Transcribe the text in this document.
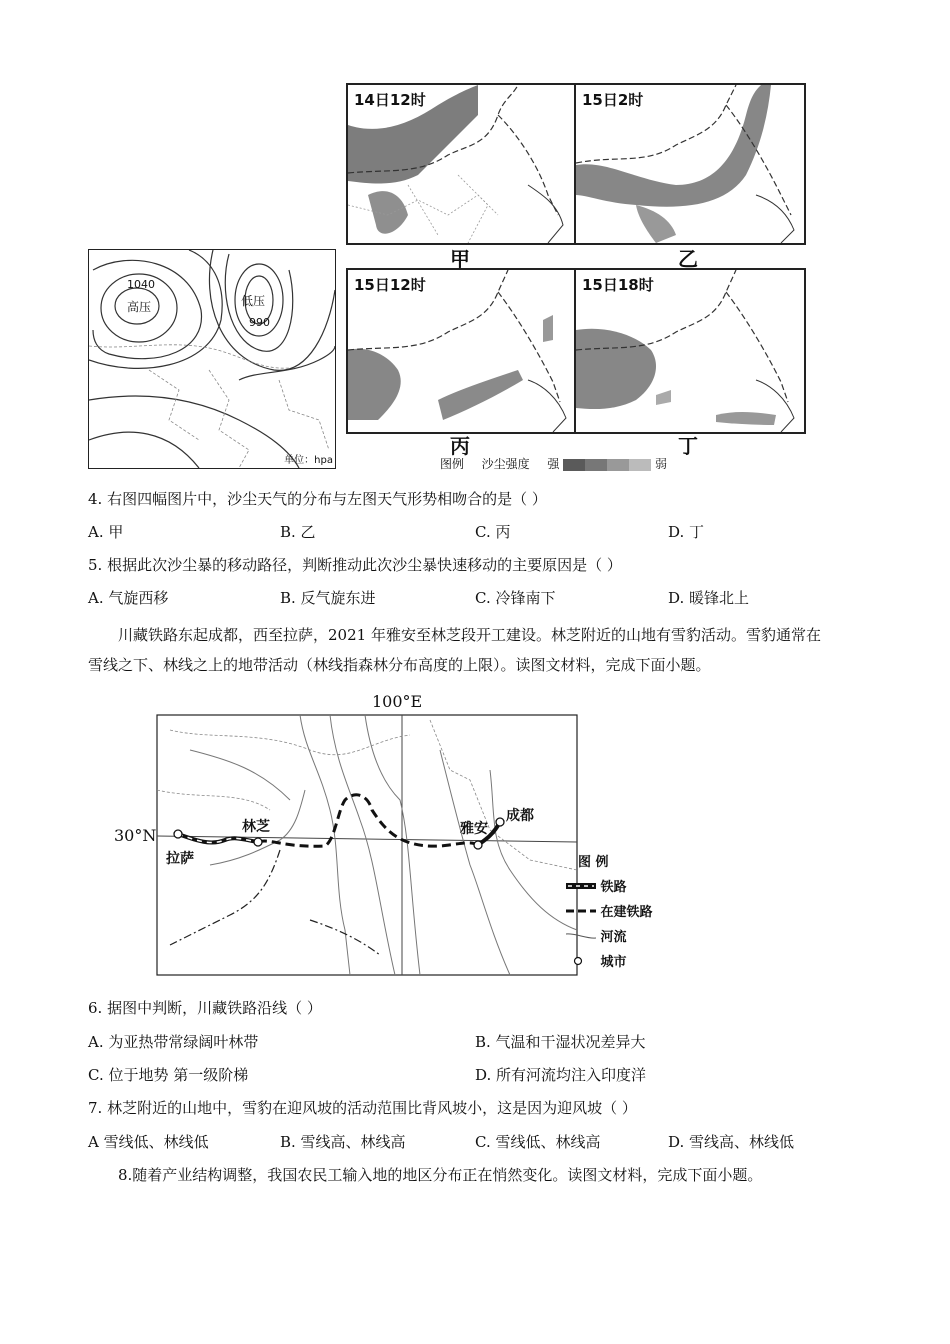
1040
高压	低压
990
单位：hpa
14日12时	15日2时
15日12时	15日18时
甲	乙
丙	丁
图例 沙尘强度 强	弱
4. 右图四幅图片中，沙尘天气的分布与左图天气形势相吻合的是（ ）
A. 甲	B. 乙	C. 丙	D. 丁
5. 根据此次沙尘暴的移动路径，判断推动此次沙尘暴快速移动的主要原因是（ ）
A. 气旋西移	B. 反气旋东进	C. 冷锋南下	D. 暖锋北上
川藏铁路东起成都，西至拉萨，2021 年雅安至林芝段开工建设。林芝附近的山地有雪豹活动。雪豹通常在雪线之下、林线之上的地带活动（林线指森林分布高度的上限）。读图文材料，完成下面小题。
100°E
30°N
拉萨
林芝	雅安
成都
图 例
铁路
在建铁路
河流
城市
6. 据图中判断，川藏铁路沿线（ ）
A. 为亚热带常绿阔叶林带	B. 气温和干湿状况差异大
C. 位于地势 第一级阶梯	D. 所有河流均注入印度洋
7. 林芝附近的山地中，雪豹在迎风坡的活动范围比背风坡小，这是因为迎风坡（ ）
A 雪线低、林线低	B. 雪线高、林线高	C. 雪线低、林线高	D. 雪线高、林线低
8.随着产业结构调整，我国农民工输入地的地区分布正在悄然变化。读图文材料，完成下面小题。
